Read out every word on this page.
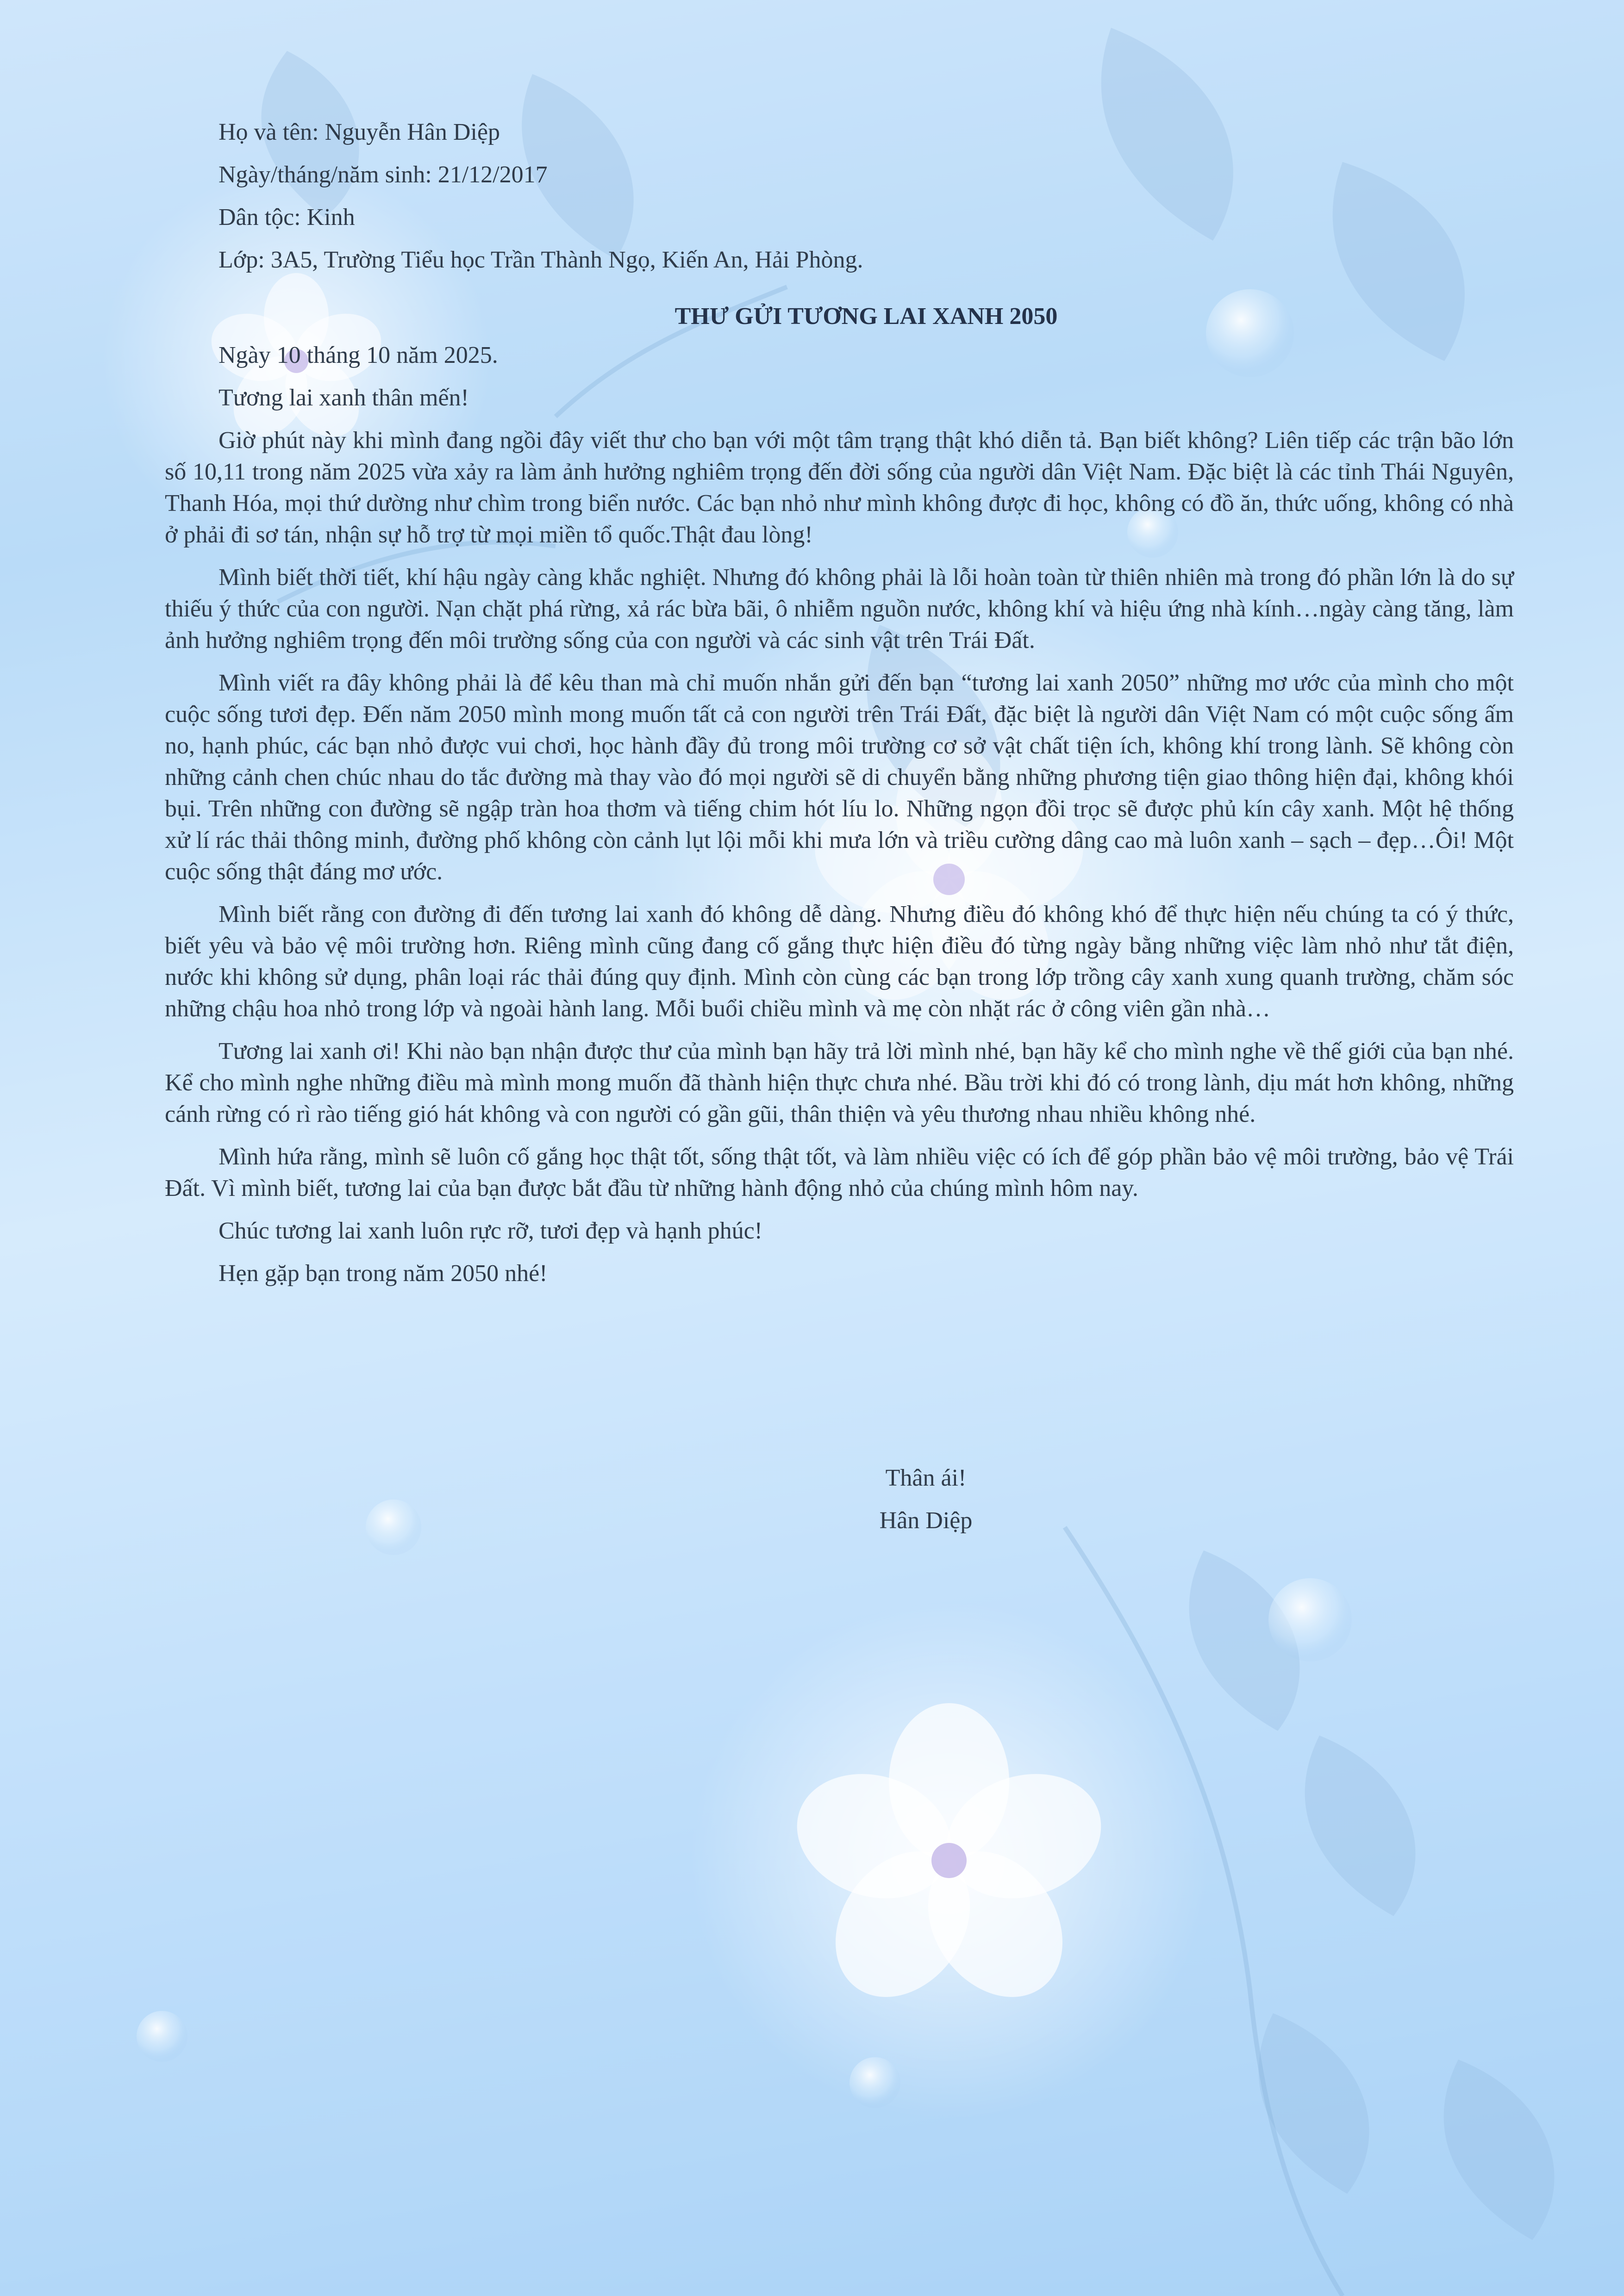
Họ và tên: Nguyễn Hân Diệp
Ngày/tháng/năm sinh: 21/12/2017
Dân tộc: Kinh
Lớp: 3A5, Trường Tiểu học Trần Thành Ngọ, Kiến An, Hải Phòng.
THƯ GỬI TƯƠNG LAI XANH 2050
Ngày 10 tháng 10 năm 2025.
Tương lai xanh thân mến!

Giờ phút này khi mình đang ngồi đây viết thư cho bạn với một tâm trạng thật khó diễn tả. Bạn biết không? Liên tiếp các trận bão lớn số 10,11 trong năm 2025 vừa xảy ra làm ảnh hưởng nghiêm trọng đến đời sống của người dân Việt Nam. Đặc biệt là các tỉnh Thái Nguyên, Thanh Hóa, mọi thứ dường như chìm trong biển nước. Các bạn nhỏ như mình không được đi học, không có đồ ăn, thức uống, không có nhà ở phải đi sơ tán, nhận sự hỗ trợ từ mọi miền tổ quốc.Thật đau lòng!

Mình biết thời tiết, khí hậu ngày càng khắc nghiệt. Nhưng đó không phải là lỗi hoàn toàn từ thiên nhiên mà trong đó phần lớn là do sự thiếu ý thức của con người. Nạn chặt phá rừng, xả rác bừa bãi, ô nhiễm nguồn nước, không khí và hiệu ứng nhà kính…ngày càng tăng, làm ảnh hưởng nghiêm trọng đến môi trường sống của con người và các sinh vật trên Trái Đất.

Mình viết ra đây không phải là để kêu than mà chỉ muốn nhắn gửi đến bạn “tương lai xanh 2050” những mơ ước của mình cho một cuộc sống tươi đẹp. Đến năm 2050 mình mong muốn tất cả con người trên Trái Đất, đặc biệt là người dân Việt Nam có một cuộc sống ấm no, hạnh phúc, các bạn nhỏ được vui chơi, học hành đầy đủ trong môi trường cơ sở vật chất tiện ích, không khí trong lành. Sẽ không còn những cảnh chen chúc nhau do tắc đường mà thay vào đó mọi người sẽ di chuyển bằng những phương tiện giao thông hiện đại, không khói bụi. Trên những con đường sẽ ngập tràn hoa thơm và tiếng chim hót líu lo. Những ngọn đồi trọc sẽ được phủ kín cây xanh. Một hệ thống xử lí rác thải thông minh, đường phố không còn cảnh lụt lội mỗi khi mưa lớn và triều cường dâng cao mà luôn xanh – sạch – đẹp…Ôi! Một cuộc sống thật đáng mơ ước.

Mình biết rằng con đường đi đến tương lai xanh đó không dễ dàng. Nhưng điều đó không khó để thực hiện nếu chúng ta có ý thức, biết yêu và bảo vệ môi trường hơn. Riêng mình cũng đang cố gắng thực hiện điều đó từng ngày bằng những việc làm nhỏ như tắt điện, nước khi không sử dụng, phân loại rác thải đúng quy định. Mình còn cùng các bạn trong lớp trồng cây xanh xung quanh trường, chăm sóc những chậu hoa nhỏ trong lớp và ngoài hành lang. Mỗi buổi chiều mình và mẹ còn nhặt rác ở công viên gần nhà…

Tương lai xanh ơi! Khi nào bạn nhận được thư của mình bạn hãy trả lời mình nhé, bạn hãy kể cho mình nghe về thế giới của bạn nhé. Kể cho mình nghe những điều mà mình mong muốn đã thành hiện thực chưa nhé. Bầu trời khi đó có trong lành, dịu mát hơn không, những cánh rừng có rì rào tiếng gió hát không và con người có gần gũi, thân thiện và yêu thương nhau nhiều không nhé.

Mình hứa rằng, mình sẽ luôn cố gắng học thật tốt, sống thật tốt, và làm nhiều việc có ích để góp phần bảo vệ môi trường, bảo vệ Trái Đất. Vì mình biết, tương lai của bạn được bắt đầu từ những hành động nhỏ của chúng mình hôm nay.

Chúc tương lai xanh luôn rực rỡ, tươi đẹp và hạnh phúc!
Hẹn gặp bạn trong năm 2050 nhé!
Thân ái!
Hân Diệp
